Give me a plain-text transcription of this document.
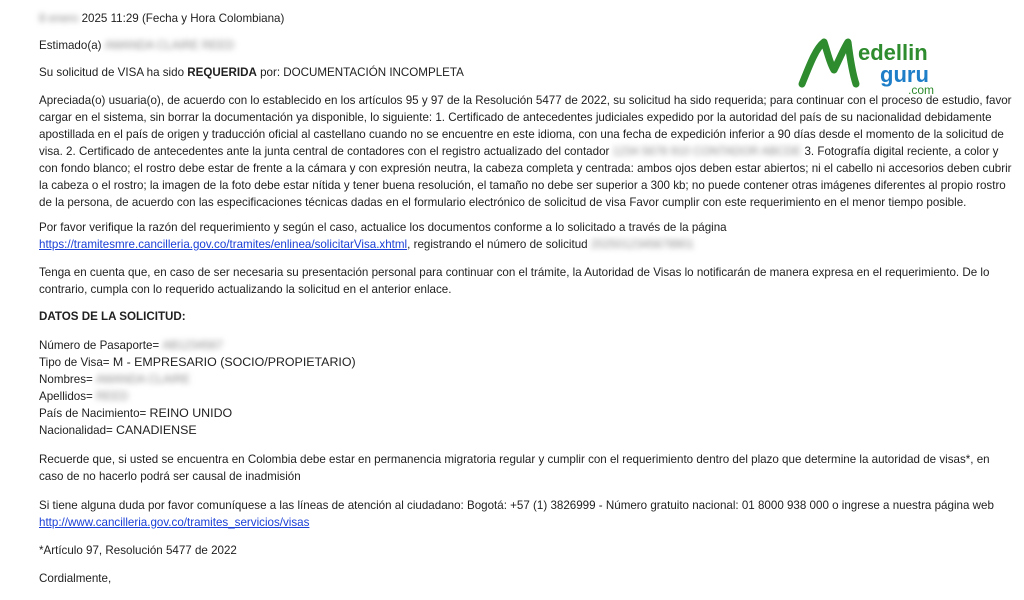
8 enero 2025 11:29 (Fecha y Hora Colombiana)

Estimado(a) AMANDA CLAIRE REED

Su solicitud de VISA ha sido REQUERIDA por: DOCUMENTACIÓN INCOMPLETA

Apreciada(o) usuaria(o), de acuerdo con lo establecido en los artículos 95 y 97 de la Resolución 5477 de 2022, su solicitud ha sido requerida; para continuar con el proceso de estudio, favor cargar en el sistema, sin borrar la documentación ya disponible, lo siguiente: 1. Certificado de antecedentes judiciales expedido por la autoridad del país de su nacionalidad debidamente apostillada en el país de origen y traducción oficial al castellano cuando no se encuentre en este idioma, con una fecha de expedición inferior a 90 días desde el momento de la solicitud de visa. 2. Certificado de antecedentes ante la junta central de contadores con el registro actualizado del contador 1234 5678 910 CONTADOR ABCDE 3. Fotografía digital reciente, a color y con fondo blanco; el rostro debe estar de frente a la cámara y con expresión neutra, la cabeza completa y centrada: ambos ojos deben estar abiertos; ni el cabello ni accesorios deben cubrir la cabeza o el rostro; la imagen de la foto debe estar nítida y tener buena resolución, el tamaño no debe ser superior a 300 kb; no puede contener otras imágenes diferentes al propio rostro de la persona, de acuerdo con las especificaciones técnicas dadas en el formulario electrónico de solicitud de visa Favor cumplir con este requerimiento en el menor tiempo posible.

Por favor verifique la razón del requerimiento y según el caso, actualice los documentos conforme a lo solicitado a través de la página https://tramitesmre.cancilleria.gov.co/tramites/enlinea/solicitarVisa.xhtml, registrando el número de solicitud 2025012345678901

Tenga en cuenta que, en caso de ser necesaria su presentación personal para continuar con el trámite, la Autoridad de Visas lo notificarán de manera expresa en el requerimiento. De lo contrario, cumpla con lo requerido actualizando la solicitud en el anterior enlace.

DATOS DE LA SOLICITUD:

Número de Pasaporte= AB1234567

Tipo de Visa= M - EMPRESARIO (SOCIO/PROPIETARIO)

Nombres= AMANDA CLAIRE

Apellidos= REED

País de Nacimiento= REINO UNIDO

Nacionalidad= CANADIENSE

Recuerde que, si usted se encuentra en Colombia debe estar en permanencia migratoria regular y cumplir con el requerimiento dentro del plazo que determine la autoridad de visas*, en caso de no hacerlo podrá ser causal de inadmisión

Si tiene alguna duda por favor comuníquese a las líneas de atención al ciudadano: Bogotá: +57 (1) 3826999 - Número gratuito nacional: 01 8000 938 000 o ingrese a nuestra página web http://www.cancilleria.gov.co/tramites_servicios/visas

*Artículo 97, Resolución 5477 de 2022

Cordialmente,

edellin
guru
.com
